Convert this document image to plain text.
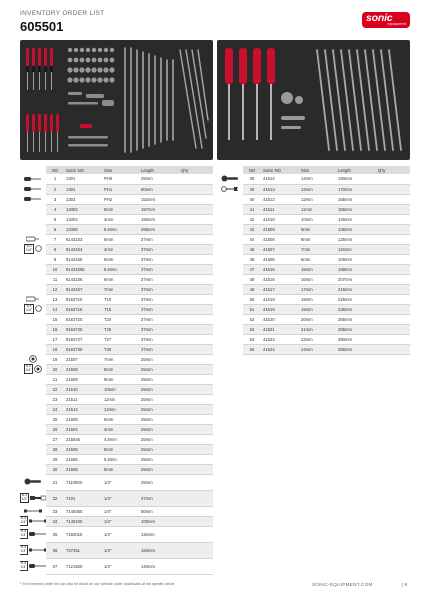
INVENTORY ORDER LIST
605501
sonic
equipment
	NO	Sonic NO	Size	Length	Q'ty

	1	1301	PH0	25mm	

	2	1301	PH1	80mm	

	3	1303	PH2	152mm	
	4	13303	5mm	157mm	
	5	13304	4mm	150mm	
	6	13365	5.5mm	265mm	

	7	8143103	5mm	37mm	

6.3
1/4"	8	8143104	4mm	37mm	
	9	8143105	5mm	37mm	
	10	81431055	5.5mm	37mm	
	11	8143106	6mm	37mm	
	12	8143107	7mm	37mm	

	13	8163710	T10	37mm	

6.3
1/4"	14	8163715	T15	37mm	
	15	8163720	T20	37mm	
	16	8163725	T25	37mm	
	17	8163727	T27	37mm	
	18	8163730	T30	37mm	

	19	21507	7mm	25mm	

6.3
1/4"	20	21508	8mm	25mm	
	21	21509	9mm	25mm	
	22	21510	10mm	25mm	
	23	21511	11mm	25mm	
	24	21512	12mm	25mm	
	25	21505	5mm	25mm	
	26	21504	4mm	25mm	
	27	215045	4.5mm	25mm	
	28	21505	5mm	25mm	
	29	21555	5.5mm	25mm	
	30	21506	6mm	25mm	

	31	7110003	1/4"	25mm	

6.3
1/4"	32	7101	1/4"	37mm	

	33	7140050	1/4"	50mm	

6.3
1/4"	34	7140100	1/4"	100mm	

6.3
1/4"	35	7150015	1/4"	115mm	

6.3
1/4"	36	727451	1/4"	150mm	

6.3
1/4"	37	7121500	1/4"	140mm	
	NO	Sonic NO	Size	Length	Q'ty
	38	41514	14mm	190mm	
	39	41513	13mm	170mm	
	40	41512	12mm	165mm	
	41	41511	11mm	155mm	
	42	41510	10mm	145mm	
	43	41509	9mm	135mm	
	44	41508	8mm	125mm	
	45	41507	7mm	115mm	
	46	41506	6mm	108mm	
	47	41515	15mm	198mm	
	48	41516	16mm	207mm	
	49	41517	17mm	215mm	
	50	41518	18mm	225mm	
	51	41519	19mm	235mm	
	52	41520	20mm	265mm	
	53	41521	21mm	265mm	
	54	41522	22mm	280mm	
	55	41524	24mm	285mm	
* The inventory order list can also be found on our website under downloads at the specific article	SONIC-EQUIPMENT.COM	| 9
